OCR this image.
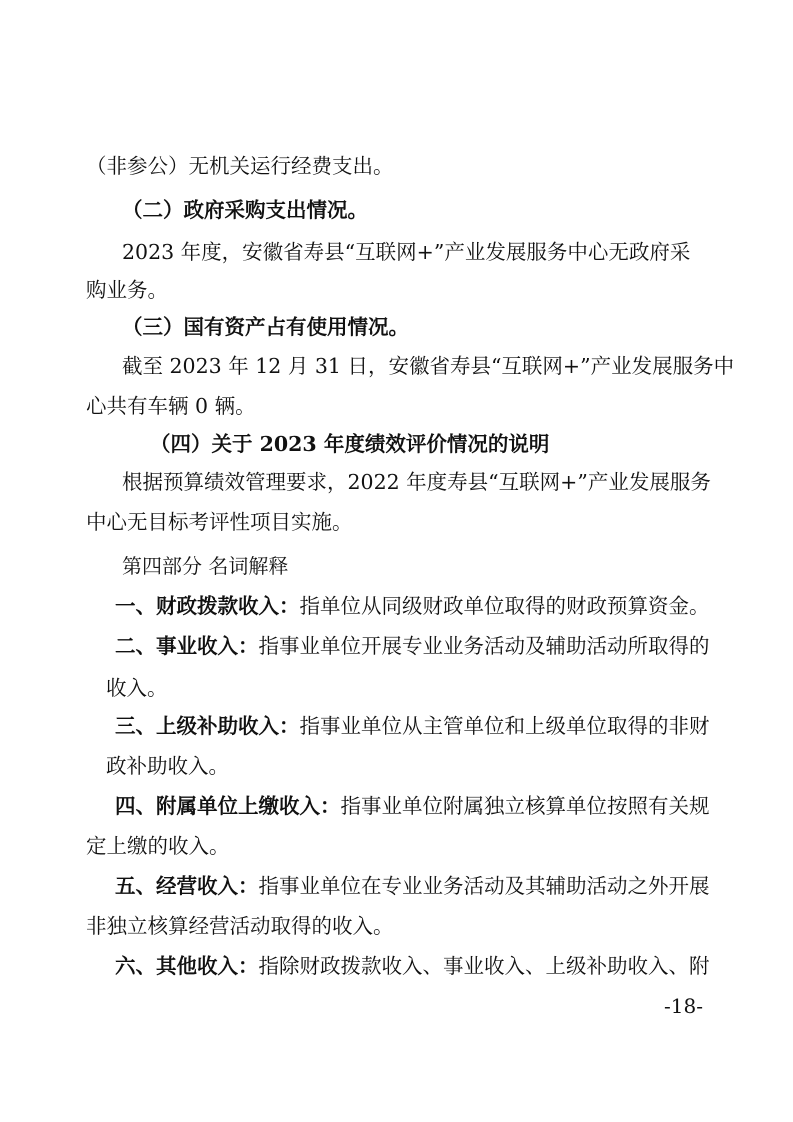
（非参公）无机关运行经费支出。
（二）政府采购支出情况。
2023 年度，安徽省寿县“互联网+”产业发展服务中心无政府采
购业务。
（三）国有资产占有使用情况。
截至 2023 年 12 月 31 日，安徽省寿县“互联网+”产业发展服务中
心共有车辆 0 辆。
（四）关于 2023 年度绩效评价情况的说明
根据预算绩效管理要求，2022 年度寿县“互联网+”产业发展服务
中心无目标考评性项目实施。
第四部分 名词解释
一、财政拨款收入：指单位从同级财政单位取得的财政预算资金。
二、事业收入：指事业单位开展专业业务活动及辅助活动所取得的
收入。
三、上级补助收入：指事业单位从主管单位和上级单位取得的非财
政补助收入。
四、附属单位上缴收入：指事业单位附属独立核算单位按照有关规
定上缴的收入。
五、经营收入：指事业单位在专业业务活动及其辅助活动之外开展
非独立核算经营活动取得的收入。
六、其他收入：指除财政拨款收入、事业收入、上级补助收入、附
-18-
